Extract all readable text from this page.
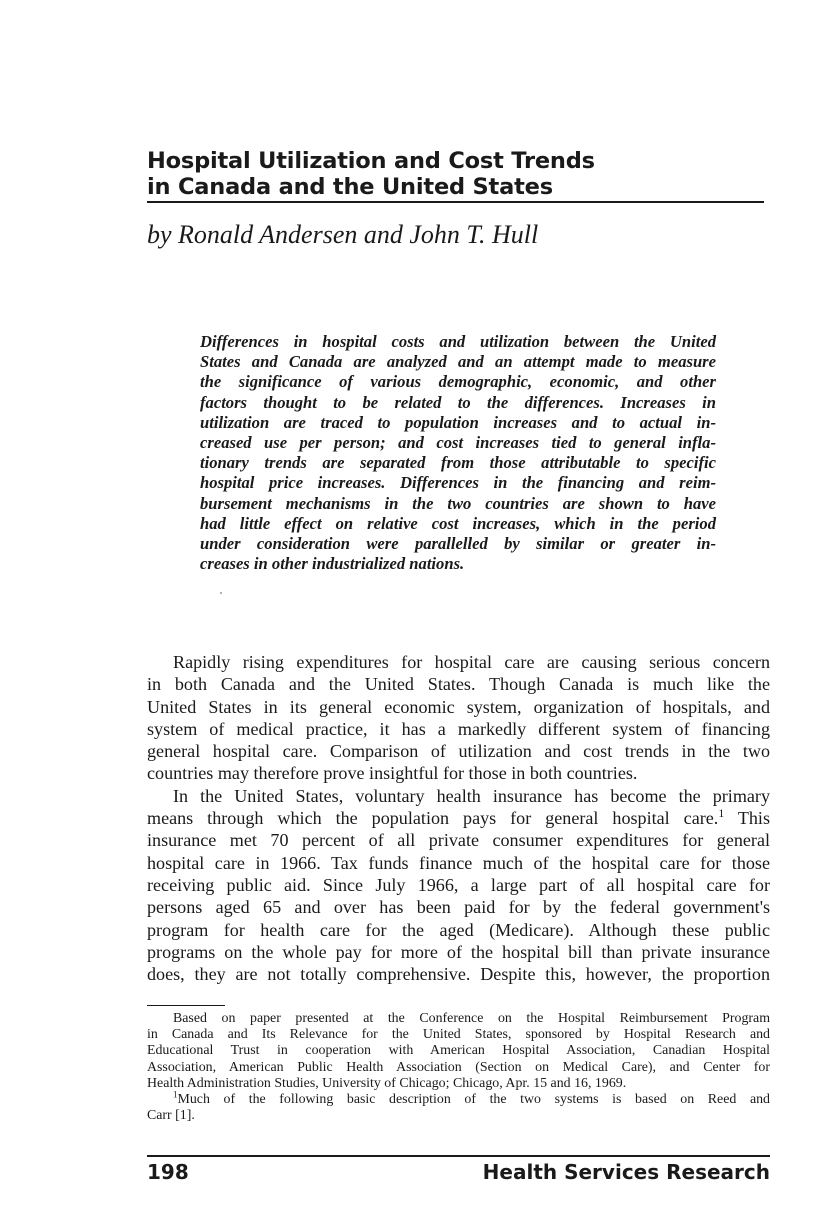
Hospital Utilization and Cost Trends
in Canada and the United States

by Ronald Andersen and John T. Hull

Differences in hospital costs and utilization between the United
States and Canada are analyzed and an attempt made to measure
the significance of various demographic, economic, and other
factors thought to be related to the differences. Increases in
utilization are traced to population increases and to actual in-
creased use per person; and cost increases tied to general infla-
tionary trends are separated from those attributable to specific
hospital price increases. Differences in the financing and reim-
bursement mechanisms in the two countries are shown to have
had little effect on relative cost increases, which in the period
under consideration were parallelled by similar or greater in-
creases in other industrialized nations.

Rapidly rising expenditures for hospital care are causing serious concern
in both Canada and the United States. Though Canada is much like the
United States in its general economic system, organization of hospitals, and
system of medical practice, it has a markedly different system of financing
general hospital care. Comparison of utilization and cost trends in the two
countries may therefore prove insightful for those in both countries.
In the United States, voluntary health insurance has become the primary
means through which the population pays for general hospital care.$^1$ This
insurance met 70 percent of all private consumer expenditures for general
hospital care in 1966. Tax funds finance much of the hospital care for those
receiving public aid. Since July 1966, a large part of all hospital care for
persons aged 65 and over has been paid for by the federal government's
program for health care for the aged (Medicare). Although these public
programs on the whole pay for more of the hospital bill than private insurance
does, they are not totally comprehensive. Despite this, however, the proportion
Based on paper presented at the Conference on the Hospital Reimbursement Program
in Canada and Its Relevance for the United States, sponsored by Hospital Research and
Educational Trust in cooperation with American Hospital Association, Canadian Hospital
Association, American Public Health Association (Section on Medical Care), and Center for
Health Administration Studies, University of Chicago; Chicago, Apr. 15 and 16, 1969.
$^1$Much of the following basic description of the two systems is based on Reed and
Carr [1].
198	Health Services Research
